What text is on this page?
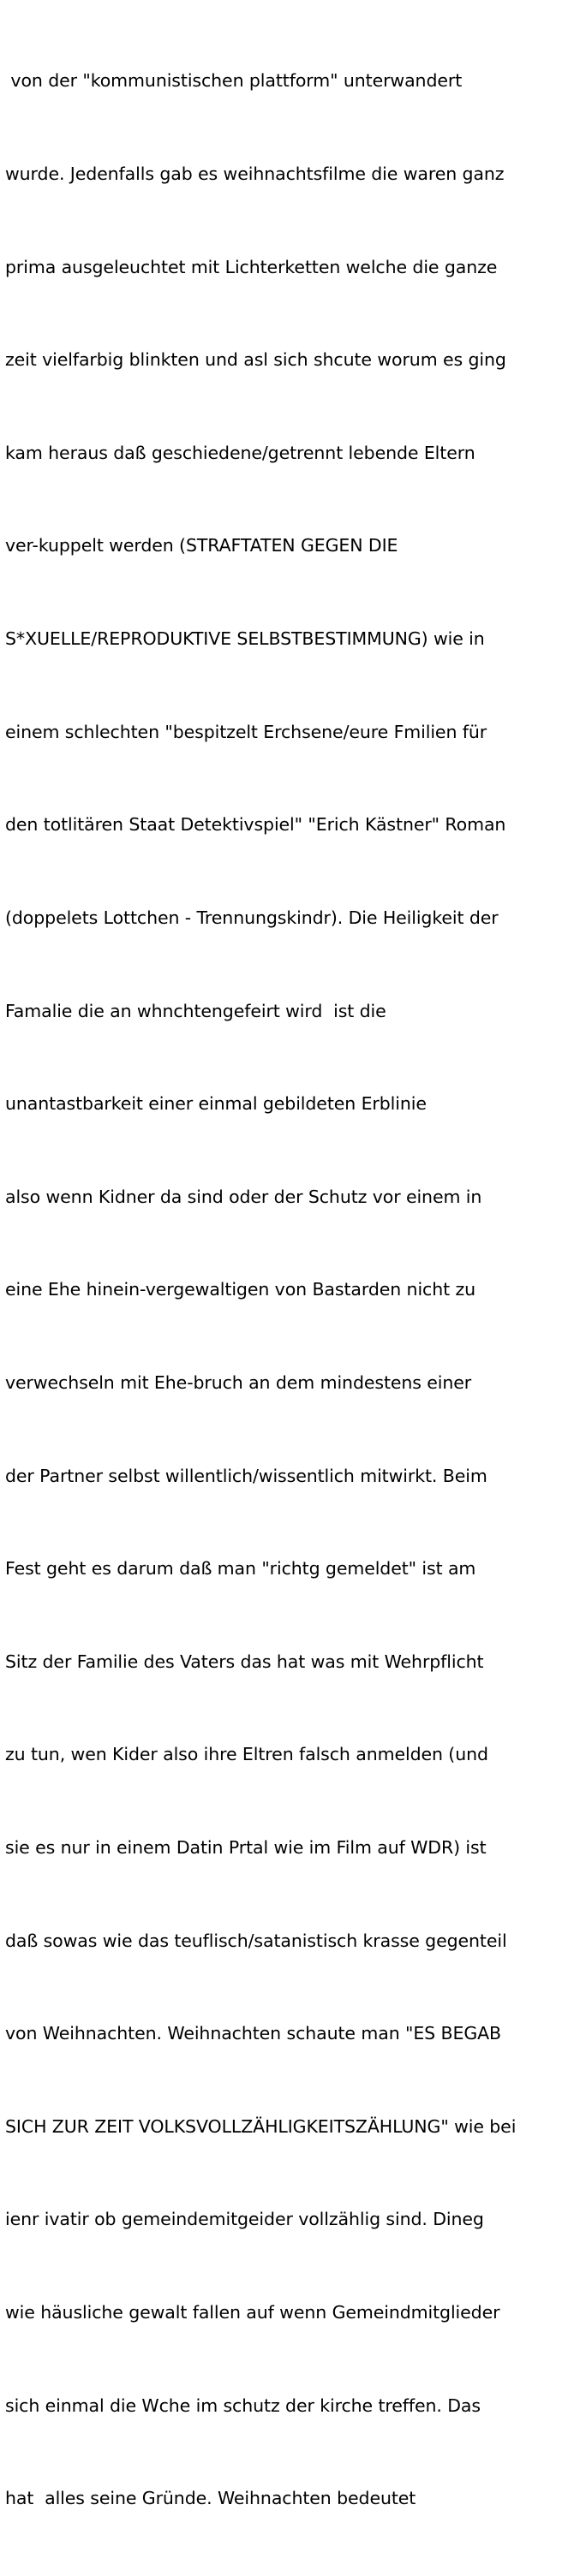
von der "kommunistischen plattform" unterwandert

wurde. Jedenfalls gab es weihnachtsfilme die waren ganz

prima ausgeleuchtet mit Lichterketten welche die ganze

zeit vielfarbig blinkten und asl sich shcute worum es ging

kam heraus daß geschiedene/getrennt lebende Eltern

ver-kuppelt werden (STRAFTATEN GEGEN DIE

S*XUELLE/REPRODUKTIVE SELBSTBESTIMMUNG) wie in

einem schlechten "bespitzelt Erchsene/eure Fmilien für

den totlitären Staat Detektivspiel" "Erich Kästner" Roman

(doppelets Lottchen - Trennungskindr). Die Heiligkeit der

Famalie die an whnchtengefeirt wird  ist die

unantastbarkeit einer einmal gebildeten Erblinie

also wenn Kidner da sind oder der Schutz vor einem in

eine Ehe hinein-vergewaltigen von Bastarden nicht zu

verwechseln mit Ehe-bruch an dem mindestens einer

der Partner selbst willentlich/wissentlich mitwirkt. Beim

Fest geht es darum daß man "richtg gemeldet" ist am

Sitz der Familie des Vaters das hat was mit Wehrpflicht

zu tun, wen Kider also ihre Eltren falsch anmelden (und

sie es nur in einem Datin Prtal wie im Film auf WDR) ist

daß sowas wie das teuflisch/satanistisch krasse gegenteil

von Weihnachten. Weihnachten schaute man "ES BEGAB

SICH ZUR ZEIT VOLKSVOLLZÄHLIGKEITSZÄHLUNG" wie bei

ienr ivatir ob gemeindemitgeider vollzählig sind. Dineg

wie häusliche gewalt fallen auf wenn Gemeindmitglieder

sich einmal die Wche im schutz der kirche treffen. Das

hat  alles seine Gründe. Weihnachten bedeutet
